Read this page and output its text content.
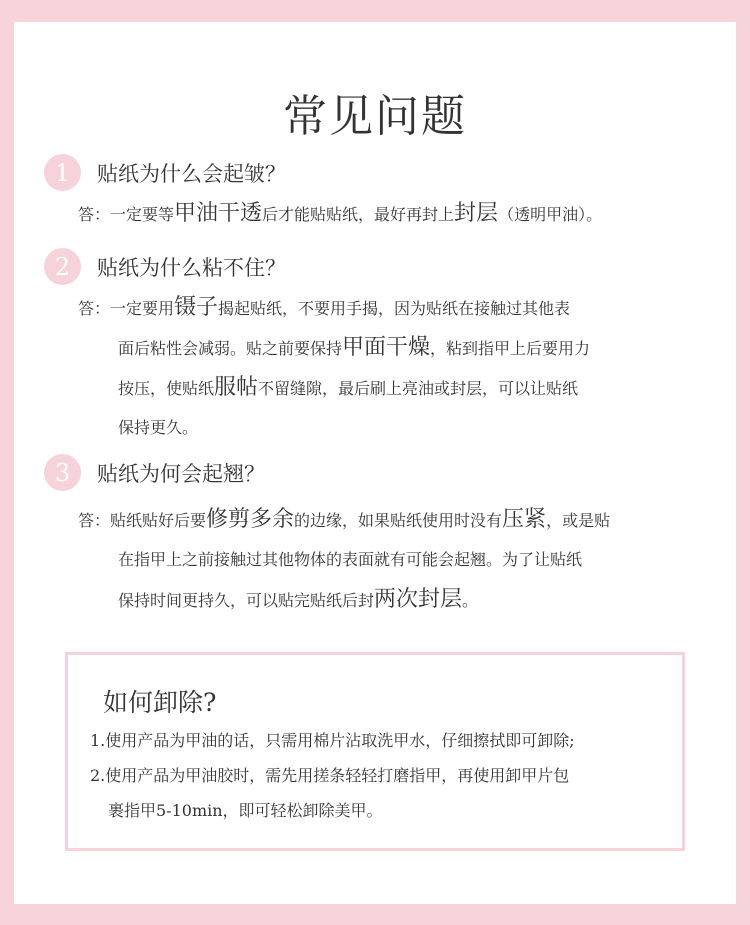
常见问题
1	贴纸为什么会起皱？
答：一定要等甲油干透后才能贴贴纸，最好再封上封层（透明甲油）。
2	贴纸为什么粘不住？
答：一定要用镊子揭起贴纸，不要用手揭，因为贴纸在接触过其他表
面后粘性会减弱。贴之前要保持甲面干燥，粘到指甲上后要用力
按压，使贴纸服帖不留缝隙，最后刷上亮油或封层，可以让贴纸
保持更久。
3	贴纸为何会起翘？
答：贴纸贴好后要修剪多余的边缘，如果贴纸使用时没有压紧，或是贴
在指甲上之前接触过其他物体的表面就有可能会起翘。为了让贴纸
保持时间更持久，可以贴完贴纸后封两次封层。
如何卸除?
1.使用产品为甲油的话，只需用棉片沾取洗甲水，仔细擦拭即可卸除;
2.使用产品为甲油胶时，需先用搓条轻轻打磨指甲，再使用卸甲片包
裹指甲5-10min，即可轻松卸除美甲。
